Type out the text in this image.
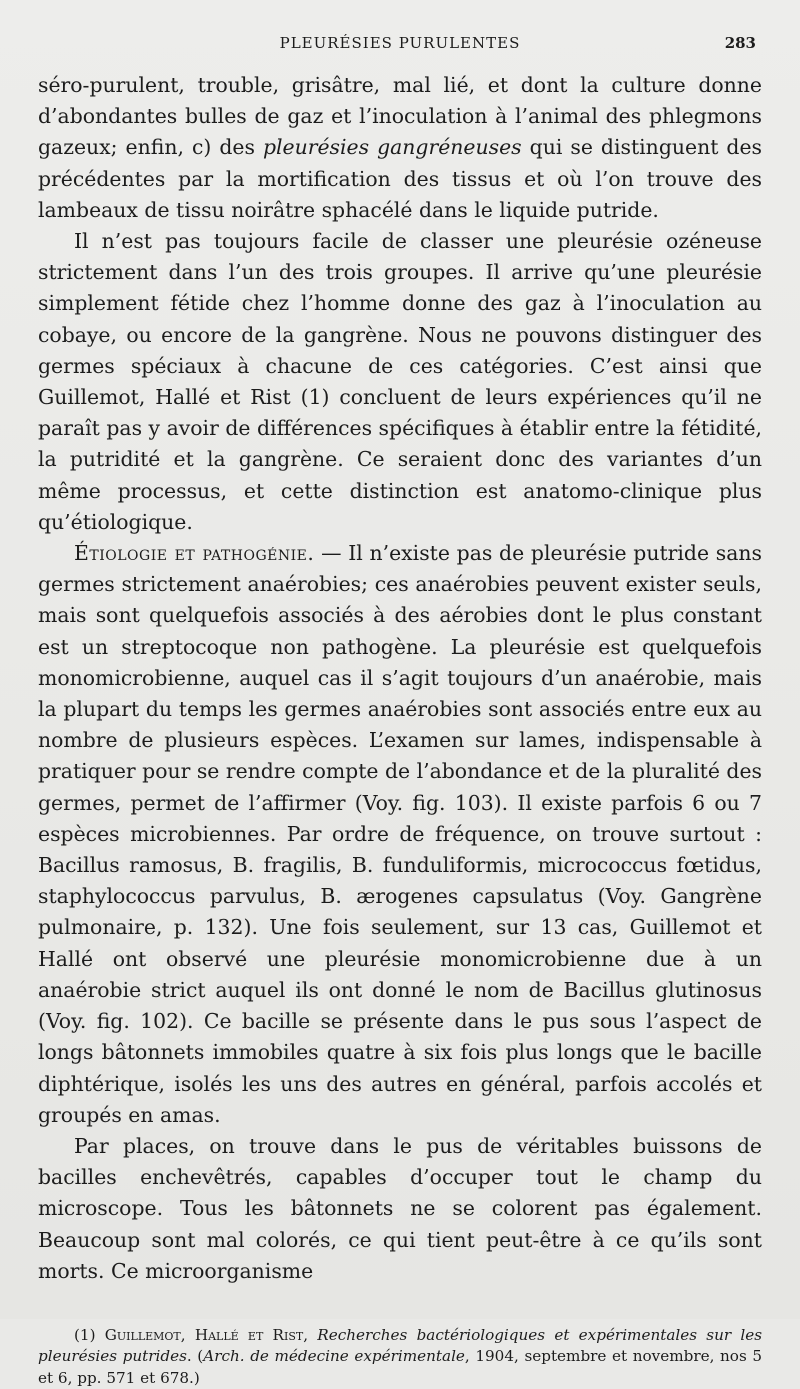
PLEURÉSIES PURULENTES	283

séro-purulent, trouble, grisâtre, mal lié, et dont la culture donne d’abondantes bulles de gaz et l’inoculation à l’animal des phlegmons gazeux; enfin, c) des pleurésies gangréneuses qui se distinguent des précédentes par la mortification des tissus et où l’on trouve des lambeaux de tissu noirâtre sphacélé dans le liquide putride.

Il n’est pas toujours facile de classer une pleurésie ozéneuse strictement dans l’un des trois groupes. Il arrive qu’une pleurésie simplement fétide chez l’homme donne des gaz à l’inoculation au cobaye, ou encore de la gangrène. Nous ne pouvons distinguer des germes spéciaux à chacune de ces catégories. C’est ainsi que Guillemot, Hallé et Rist (1) concluent de leurs expériences qu’il ne paraît pas y avoir de différences spécifiques à établir entre la fétidité, la putridité et la gangrène. Ce seraient donc des variantes d’un même processus, et cette distinction est anatomo-clinique plus qu’étiologique.

Étiologie et pathogénie. — Il n’existe pas de pleurésie putride sans germes strictement anaérobies; ces anaérobies peuvent exister seuls, mais sont quelquefois associés à des aérobies dont le plus constant est un streptocoque non pathogène. La pleurésie est quelquefois monomicrobienne, auquel cas il s’agit toujours d’un anaérobie, mais la plupart du temps les germes anaérobies sont associés entre eux au nombre de plusieurs espèces. L’examen sur lames, indispensable à pratiquer pour se rendre compte de l’abondance et de la pluralité des germes, permet de l’affirmer (Voy. fig. 103). Il existe parfois 6 ou 7 espèces microbiennes. Par ordre de fréquence, on trouve surtout : Bacillus ramosus, B. fragilis, B. funduliformis, micrococcus fœtidus, staphylococcus parvulus, B. ærogenes capsulatus (Voy. Gangrène pulmonaire, p. 132). Une fois seulement, sur 13 cas, Guillemot et Hallé ont observé une pleurésie monomicrobienne due à un anaérobie strict auquel ils ont donné le nom de Bacillus glutinosus (Voy. fig. 102). Ce bacille se présente dans le pus sous l’aspect de longs bâtonnets immobiles quatre à six fois plus longs que le bacille diphtérique, isolés les uns des autres en général, parfois accolés et groupés en amas.

Par places, on trouve dans le pus de véritables buissons de bacilles enchevêtrés, capables d’occuper tout le champ du microscope. Tous les bâtonnets ne se colorent pas également. Beaucoup sont mal colorés, ce qui tient peut-être à ce qu’ils sont morts. Ce microorganisme

(1) Guillemot, Hallé et Rist, Recherches bactériologiques et expérimentales sur les pleurésies putrides. (Arch. de médecine expérimentale, 1904, septembre et novembre, nos 5 et 6, pp. 571 et 678.)
